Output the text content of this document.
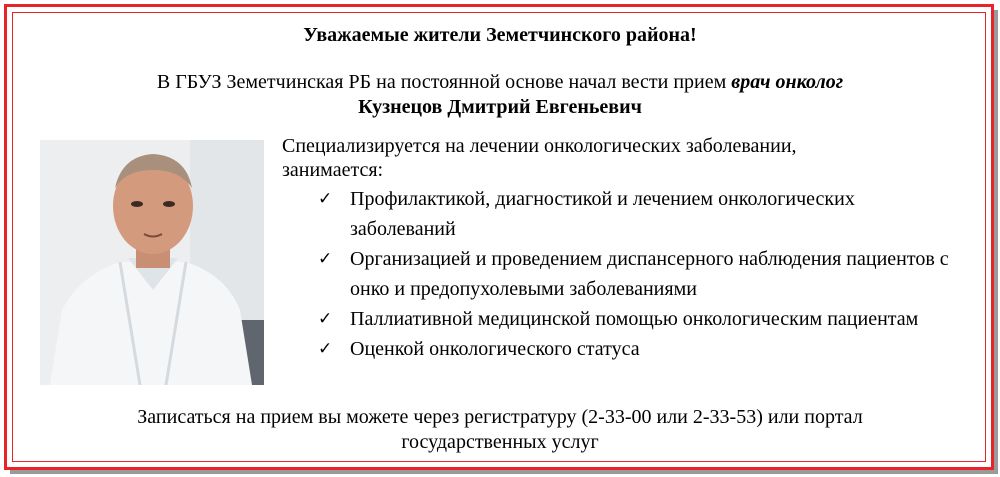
Уважаемые жители Земетчинского района!
В ГБУЗ Земетчинская РБ на постоянной основе начал вести прием врач онколог
Кузнецов Дмитрий Евгеньевич
Специализируется на лечении онкологических заболевании,
занимается:
✓ Профилактикой, диагностикой и лечением онкологических заболеваний
✓ Организацией и проведением диспансерного наблюдения пациентов с онко и предопухолевыми заболеваниями
✓ Паллиативной медицинской помощью онкологическим пациентам
✓ Оценкой онкологического статуса
Записаться на прием вы можете через регистратуру (2-33-00 или 2-33-53) или портал
государственных услуг
